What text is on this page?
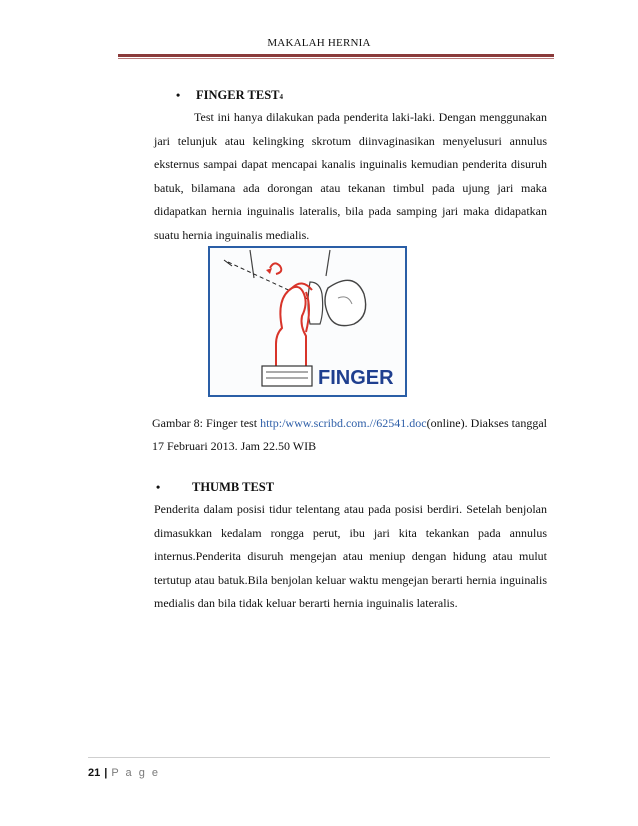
MAKALAH HERNIA
•	FINGER TEST 4
Test ini hanya dilakukan pada penderita laki-laki. Dengan menggunakan jari telunjuk atau kelingking skrotum diinvaginasikan menyelusuri annulus eksternus sampai dapat mencapai kanalis inguinalis kemudian penderita disuruh batuk, bilamana ada dorongan atau tekanan timbul pada ujung jari maka didapatkan hernia inguinalis lateralis, bila pada samping jari maka didapatkan suatu hernia inguinalis medialis.
FINGER
Gambar 8: Finger test http:/www.scribd.com.//62541.doc(online). Diakses tanggal 17 Februari 2013. Jam 22.50 WIB
•	THUMB TEST
Penderita dalam posisi tidur telentang atau pada posisi berdiri. Setelah benjolan dimasukkan kedalam rongga perut, ibu jari kita tekankan pada annulus internus.Penderita disuruh mengejan atau meniup dengan hidung atau mulut tertutup atau batuk.Bila benjolan keluar waktu mengejan berarti hernia inguinalis medialis dan bila tidak keluar berarti hernia inguinalis lateralis.
21 | P a g e
